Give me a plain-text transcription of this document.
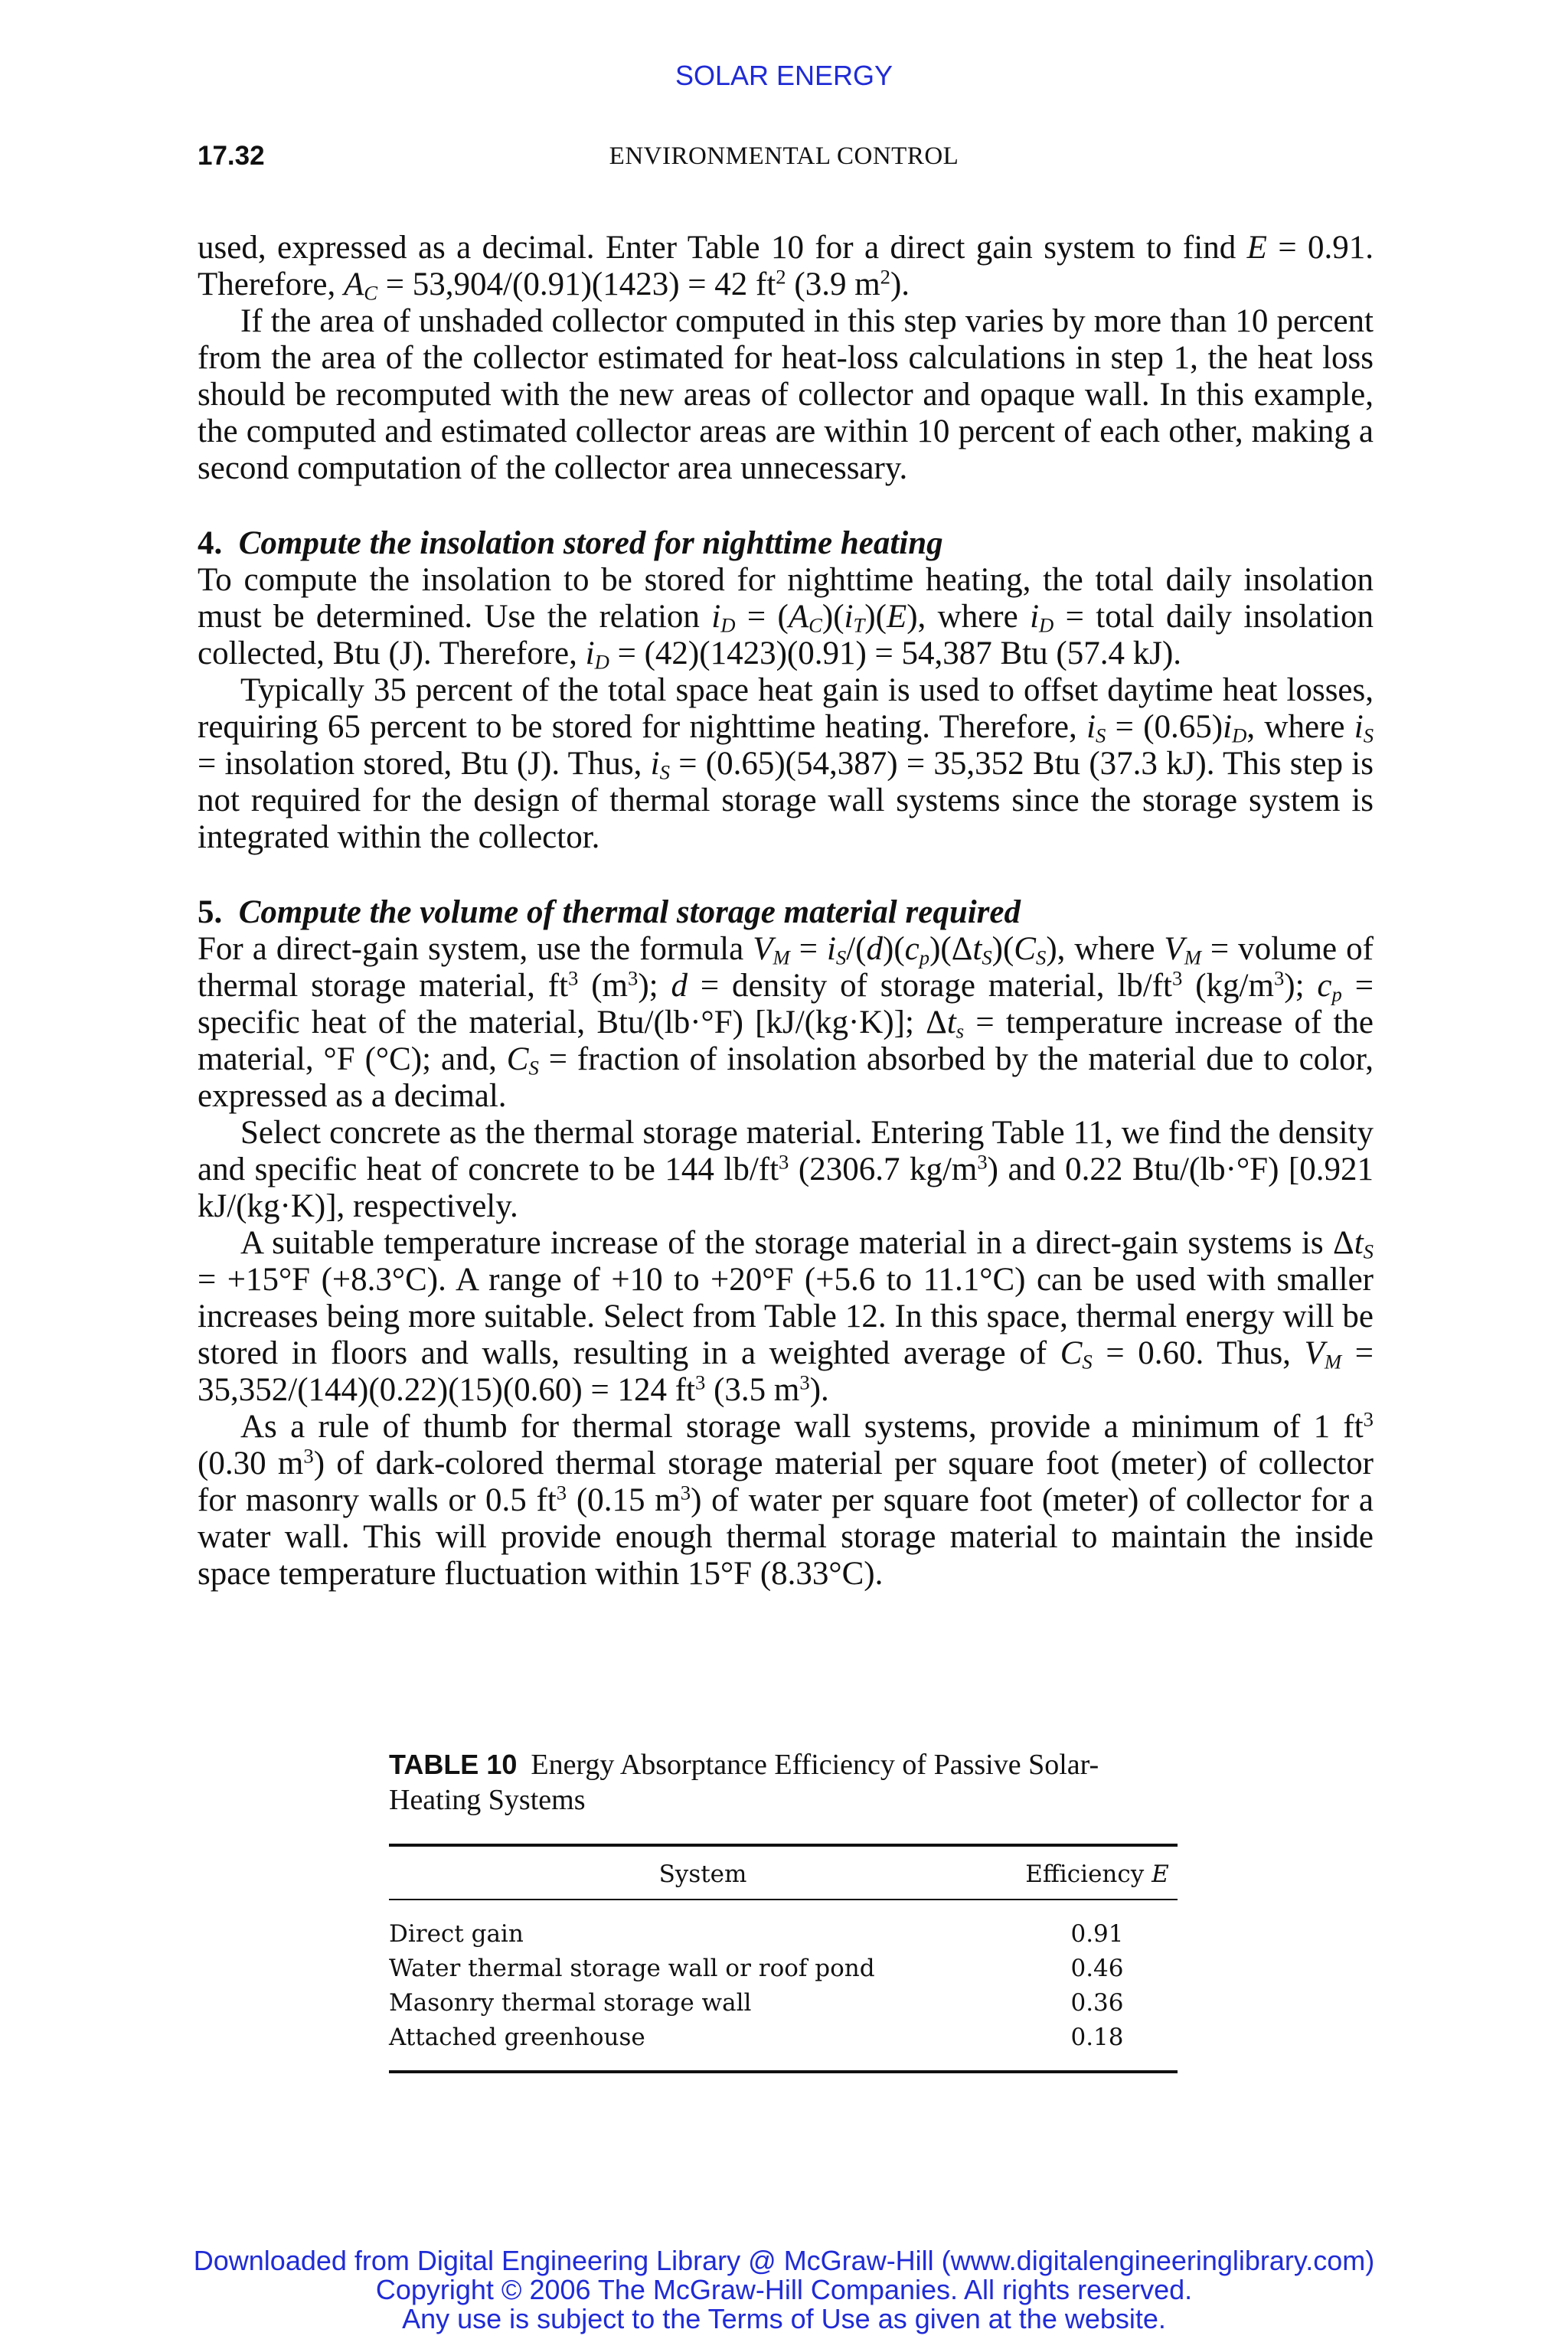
SOLAR ENERGY
17.32	ENVIRONMENTAL CONTROL

used, expressed as a decimal. Enter Table 10 for a direct gain system to find E = 0.91. Therefore, $A_C = 53,904/(0.91)(1423) = 42$ $ft^2$ (3.9 $m^2$).

If the area of unshaded collector computed in this step varies by more than 10 percent from the area of the collector estimated for heat-loss calculations in step 1, the heat loss should be recomputed with the new areas of collector and opaque wall. In this example, the computed and estimated collector areas are within 10 percent of each other, making a second computation of the collector area unnecessary.

4. Compute the insolation stored for nighttime heating

To compute the insolation to be stored for nighttime heating, the total daily insolation must be determined. Use the relation $i_D = (A_C)(i_T)(E)$, where $i_D$ = total daily insolation collected, Btu (J). Therefore, $i_D = (42)(1423)(0.91) = 54,387$ Btu (57.4 kJ).

Typically 35 percent of the total space heat gain is used to offset daytime heat losses, requiring 65 percent to be stored for nighttime heating. Therefore, $i_S = (0.65)i_D$, where $i_S$ = insolation stored, Btu (J). Thus, $i_S = (0.65)(54,387) = 35,352$ Btu (37.3 kJ). This step is not required for the design of thermal storage wall systems since the storage system is integrated within the collector.

5. Compute the volume of thermal storage material required

For a direct-gain system, use the formula $V_M = i_S/(d)(c_p)(\Delta t_S)(C_S)$, where $V_M$ = volume of thermal storage material, $ft^3$ $(m^3)$; d = density of storage material, $lb/ft^3$ $(kg/m^3)$; $c_p$ = specific heat of the material, Btu/(lb·°F) [kJ/(kg·K)]; $\Delta t_s$ = temperature increase of the material, °F (°C); and, $C_S$ = fraction of insolation absorbed by the material due to color, expressed as a decimal.

Select concrete as the thermal storage material. Entering Table 11, we find the density and specific heat of concrete to be 144 $lb/ft^3$ (2306.7 $kg/m^3$) and 0.22 Btu/(lb·°F) [0.921 kJ/(kg·K)], respectively.

A suitable temperature increase of the storage material in a direct-gain systems is $\Delta t_S = +15^\circ F$ (+8.3°C). A range of +10 to +20°F (+5.6 to 11.1°C) can be used with smaller increases being more suitable. Select from Table 12. In this space, thermal energy will be stored in floors and walls, resulting in a weighted average of $C_S = 0.60$. Thus, $V_M = 35,352/(144)(0.22)(15)(0.60) = 124$ $ft^3$ (3.5 $m^3$).

As a rule of thumb for thermal storage wall systems, provide a minimum of 1 $ft^3$ (0.30 $m^3$) of dark-colored thermal storage material per square foot (meter) of collector for masonry walls or 0.5 $ft^3$ (0.15 $m^3$) of water per square foot (meter) of collector for a water wall. This will provide enough thermal storage material to maintain the inside space temperature fluctuation within 15°F (8.33°C).

TABLE 10 Energy Absorptance Efficiency of Passive Solar-Heating Systems
System	Efficiency E
Direct gain	0.91
Water thermal storage wall or roof pond	0.46
Masonry thermal storage wall	0.36
Attached greenhouse	0.18
Downloaded from Digital Engineering Library @ McGraw-Hill (www.digitalengineeringlibrary.com)
Copyright © 2006 The McGraw-Hill Companies. All rights reserved.
Any use is subject to the Terms of Use as given at the website.
